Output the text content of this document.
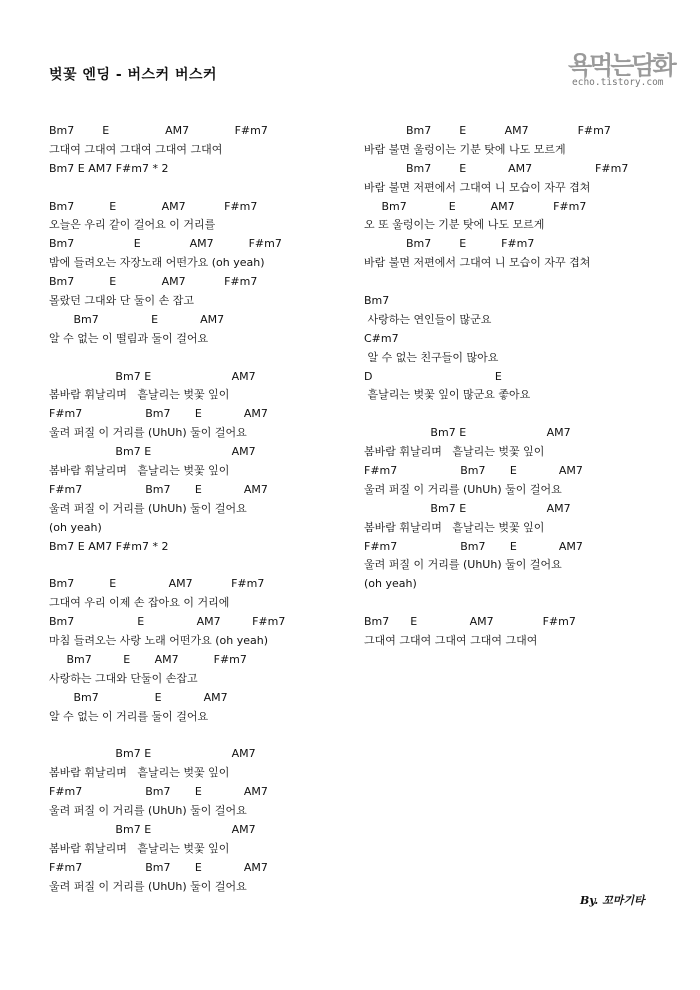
벚꽃 엔딩 - 버스커 버스커	욕먹는담화
echo.tistory.com
Bm7        E                AM7             F#m7
그대여 그대여 그대여 그대여 그대여
Bm7 E AM7 F#m7 * 2
Bm7          E             AM7           F#m7
오늘은 우리 같이 걸어요 이 거리를
Bm7                 E              AM7          F#m7
밤에 들려오는 자장노래 어떤가요 (oh yeah)
Bm7          E             AM7           F#m7
몰랐던 그대와 단 둘이 손 잡고
Bm7               E            AM7
알 수 없는 이 떨림과 둘이 걸어요
Bm7 E                       AM7
봄바람 휘날리며   흩날리는 벚꽃 잎이
F#m7                  Bm7       E            AM7
울려 퍼질 이 거리를 (UhUh) 둘이 걸어요
Bm7 E                       AM7
봄바람 휘날리며   흩날리는 벚꽃 잎이
F#m7                  Bm7       E            AM7
울려 퍼질 이 거리를 (UhUh) 둘이 걸어요
(oh yeah)
Bm7 E AM7 F#m7 * 2
Bm7          E               AM7           F#m7
그대여 우리 이제 손 잡아요 이 거리에
Bm7                  E               AM7         F#m7
마침 들려오는 사랑 노래 어떤가요 (oh yeah)
Bm7         E       AM7          F#m7
사랑하는 그대와 단둘이 손잡고
Bm7                E            AM7
알 수 없는 이 거리를 둘이 걸어요
Bm7 E                       AM7
봄바람 휘날리며   흩날리는 벚꽃 잎이
F#m7                  Bm7       E            AM7
울려 퍼질 이 거리를 (UhUh) 둘이 걸어요
Bm7 E                       AM7
봄바람 휘날리며   흩날리는 벚꽃 잎이
F#m7                  Bm7       E            AM7
울려 퍼질 이 거리를 (UhUh) 둘이 걸어요
Bm7        E           AM7              F#m7
바람 불면 울렁이는 기분 탓에 나도 모르게
Bm7        E            AM7                  F#m7
바람 불면 저편에서 그대여 니 모습이 자꾸 겹쳐
Bm7            E          AM7           F#m7
오 또 울렁이는 기분 탓에 나도 모르게
Bm7        E          F#m7
바람 불면 저편에서 그대여 니 모습이 자꾸 겹쳐
Bm7
사랑하는 연인들이 많군요
C#m7
알 수 없는 친구들이 많아요
D                                   E
흩날리는 벚꽃 잎이 많군요 좋아요
Bm7 E                       AM7
봄바람 휘날리며   흩날리는 벚꽃 잎이
F#m7                  Bm7       E            AM7
울려 퍼질 이 거리를 (UhUh) 둘이 걸어요
Bm7 E                       AM7
봄바람 휘날리며   흩날리는 벚꽃 잎이
F#m7                  Bm7       E            AM7
울려 퍼질 이 거리를 (UhUh) 둘이 걸어요
(oh yeah)
Bm7      E               AM7              F#m7
그대여 그대여 그대여 그대여 그대여
By. 꼬마기타
